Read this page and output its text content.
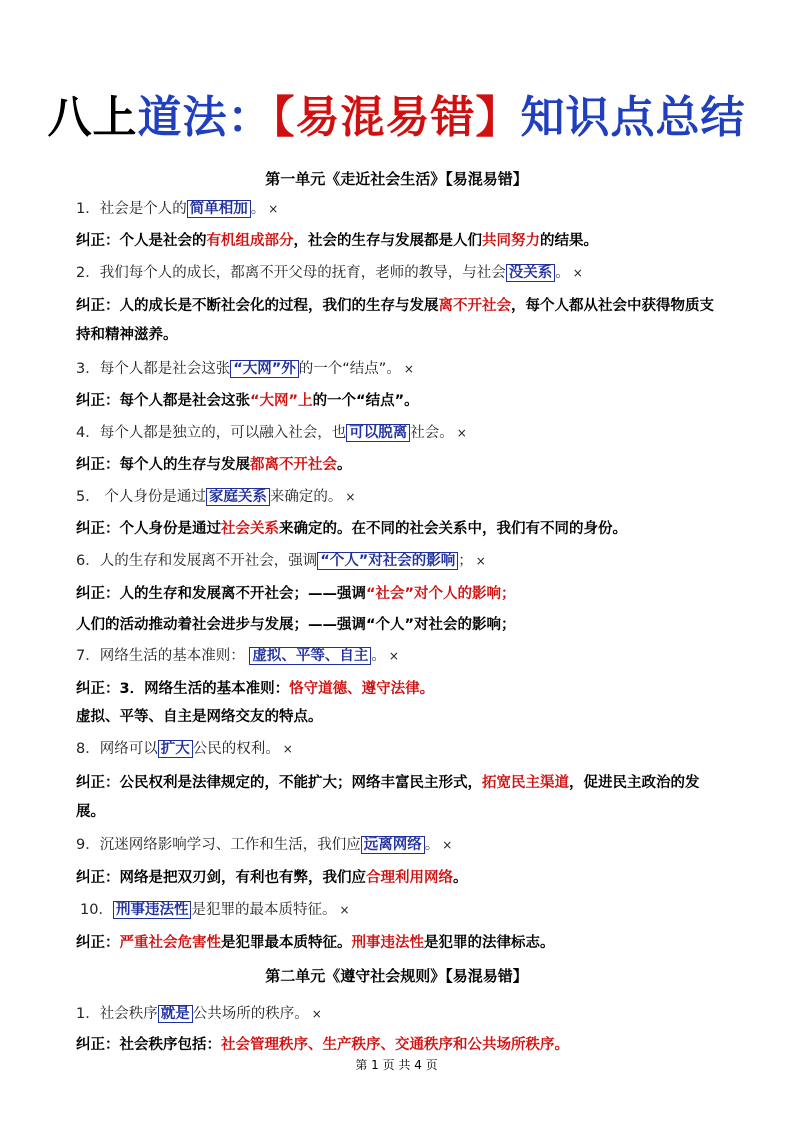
八上道法：【易混易错】知识点总结
第一单元《走近社会生活》【易混易错】
1．社会是个人的 简单相加 。 ×
纠正：个人是社会的有机组成部分，社会的生存与发展都是人们共同努力的结果。
2．我们每个人的成长，都离不开父母的抚育，老师的教导，与社会 没关系 。 ×
纠正：人的成长是不断社会化的过程，我们的生存与发展离不开社会，每个人都从社会中获得物质支持和精神滋养。
3．每个人都是社会这张 “大网”外 的一个“结点”。 ×
纠正：每个人都是社会这张“大网”上的一个“结点”。
4．每个人都是独立的，可以融入社会，也 可以脱离 社会。 ×
纠正：每个人的生存与发展都离不开社会。
5． 个人身份是通过 家庭关系 来确定的。 ×
纠正：个人身份是通过社会关系来确定的。在不同的社会关系中，我们有不同的身份。
6．人的生存和发展离不开社会，强调 “个人”对社会的影响 ； ×
纠正：人的生存和发展离不开社会；——强调“社会”对个人的影响；
人们的活动推动着社会进步与发展；——强调“个人”对社会的影响；
7．网络生活的基本准则： 虚拟、平等、自主 。 ×
纠正：3．网络生活的基本准则：恪守道德、遵守法律。
虚拟、平等、自主是网络交友的特点。
8．网络可以 扩大 公民的权利。 ×
纠正：公民权利是法律规定的，不能扩大；网络丰富民主形式，拓宽民主渠道，促进民主政治的发展。
9．沉迷网络影响学习、工作和生活，我们应 远离网络 。 ×
纠正：网络是把双刃剑，有利也有弊，我们应合理利用网络。
10． 刑事违法性 是犯罪的最本质特征。 ×
纠正：严重社会危害性是犯罪最本质特征。刑事违法性是犯罪的法律标志。
第二单元《遵守社会规则》【易混易错】
1．社会秩序 就是 公共场所的秩序。 ×
纠正：社会秩序包括：社会管理秩序、生产秩序、交通秩序和公共场所秩序。
第 1 页 共 4 页
